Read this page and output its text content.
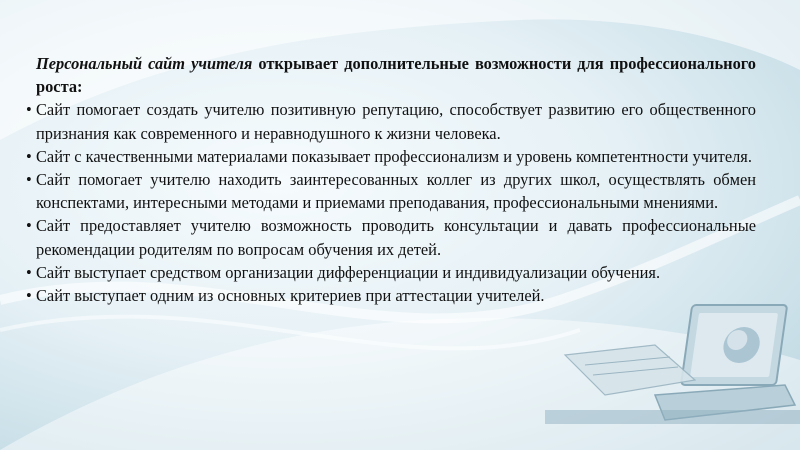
Персональный сайт учителя открывает дополнительные возможности для профессионального роста:

• Сайт помогает создать учителю позитивную репутацию, способствует развитию его общественного признания как современного и неравнодушного к жизни человека.
• Сайт с качественными материалами показывает профессионализм и уровень компетентности учителя.
• Сайт помогает учителю находить заинтересованных коллег из других школ, осуществлять обмен конспектами, интересными методами и приемами преподавания, профессиональными мнениями.
• Сайт предоставляет учителю возможность проводить консультации и давать профессиональные рекомендации родителям по вопросам обучения их детей.
• Сайт выступает средством организации дифференциации и индивидуализации обучения.
• Сайт выступает одним из основных критериев при аттестации учителей.
